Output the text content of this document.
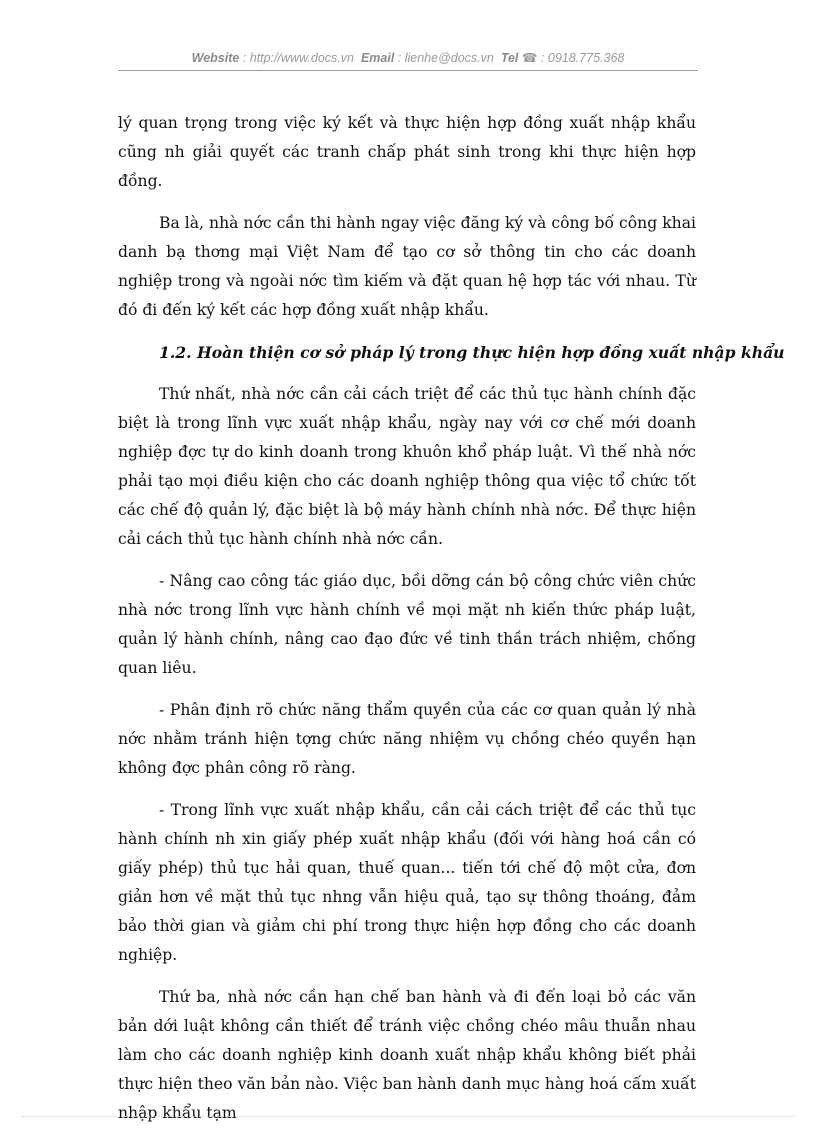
Website : http://www.docs.vn Email : lienhe@docs.vn Tel ☎ : 0918.775.368

lý quan trọng trong việc ký kết và thực hiện hợp đồng xuất nhập khẩu cũng nh giải quyết các tranh chấp phát sinh trong khi thực hiện hợp đồng.

Ba là, nhà nớc cần thi hành ngay việc đăng ký và công bố công khai danh bạ thơng mại Việt Nam để tạo cơ sở thông tin cho các doanh nghiệp trong và ngoài nớc tìm kiếm và đặt quan hệ hợp tác với nhau. Từ đó đi đến ký kết các hợp đồng xuất nhập khẩu.

1.2. Hoàn thiện cơ sở pháp lý trong thực hiện hợp đồng xuất nhập khẩu

Thứ nhất, nhà nớc cần cải cách triệt để các thủ tục hành chính đặc biệt là trong lĩnh vực xuất nhập khẩu, ngày nay với cơ chế mới doanh nghiệp đợc tự do kinh doanh trong khuôn khổ pháp luật. Vì thế nhà nớc phải tạo mọi điều kiện cho các doanh nghiệp thông qua việc tổ chức tốt các chế độ quản lý, đặc biệt là bộ máy hành chính nhà nớc. Để thực hiện cải cách thủ tục hành chính nhà nớc cần.

- Nâng cao công tác giáo dục, bồi dỡng cán bộ công chức viên chức nhà nớc trong lĩnh vực hành chính về mọi mặt nh kiến thức pháp luật, quản lý hành chính, nâng cao đạo đức về tinh thần trách nhiệm, chống quan liêu.

- Phân định rõ chức năng thẩm quyền của các cơ quan quản lý nhà nớc nhằm tránh hiện tợng chức năng nhiệm vụ chồng chéo quyền hạn không đợc phân công rõ ràng.

- Trong lĩnh vực xuất nhập khẩu, cần cải cách triệt để các thủ tục hành chính nh xin giấy phép xuất nhập khẩu (đối với hàng hoá cần có giấy phép) thủ tục hải quan, thuế quan... tiến tới chế độ một cửa, đơn giản hơn về mặt thủ tục nhng vẫn hiệu quả, tạo sự thông thoáng, đảm bảo thời gian và giảm chi phí trong thực hiện hợp đồng cho các doanh nghiệp.

Thứ ba, nhà nớc cần hạn chế ban hành và đi đến loại bỏ các văn bản dới luật không cần thiết để tránh việc chồng chéo mâu thuẫn nhau làm cho các doanh nghiệp kinh doanh xuất nhập khẩu không biết phải thực hiện theo văn bản nào. Việc ban hành danh mục hàng hoá cấm xuất nhập khẩu tạm
